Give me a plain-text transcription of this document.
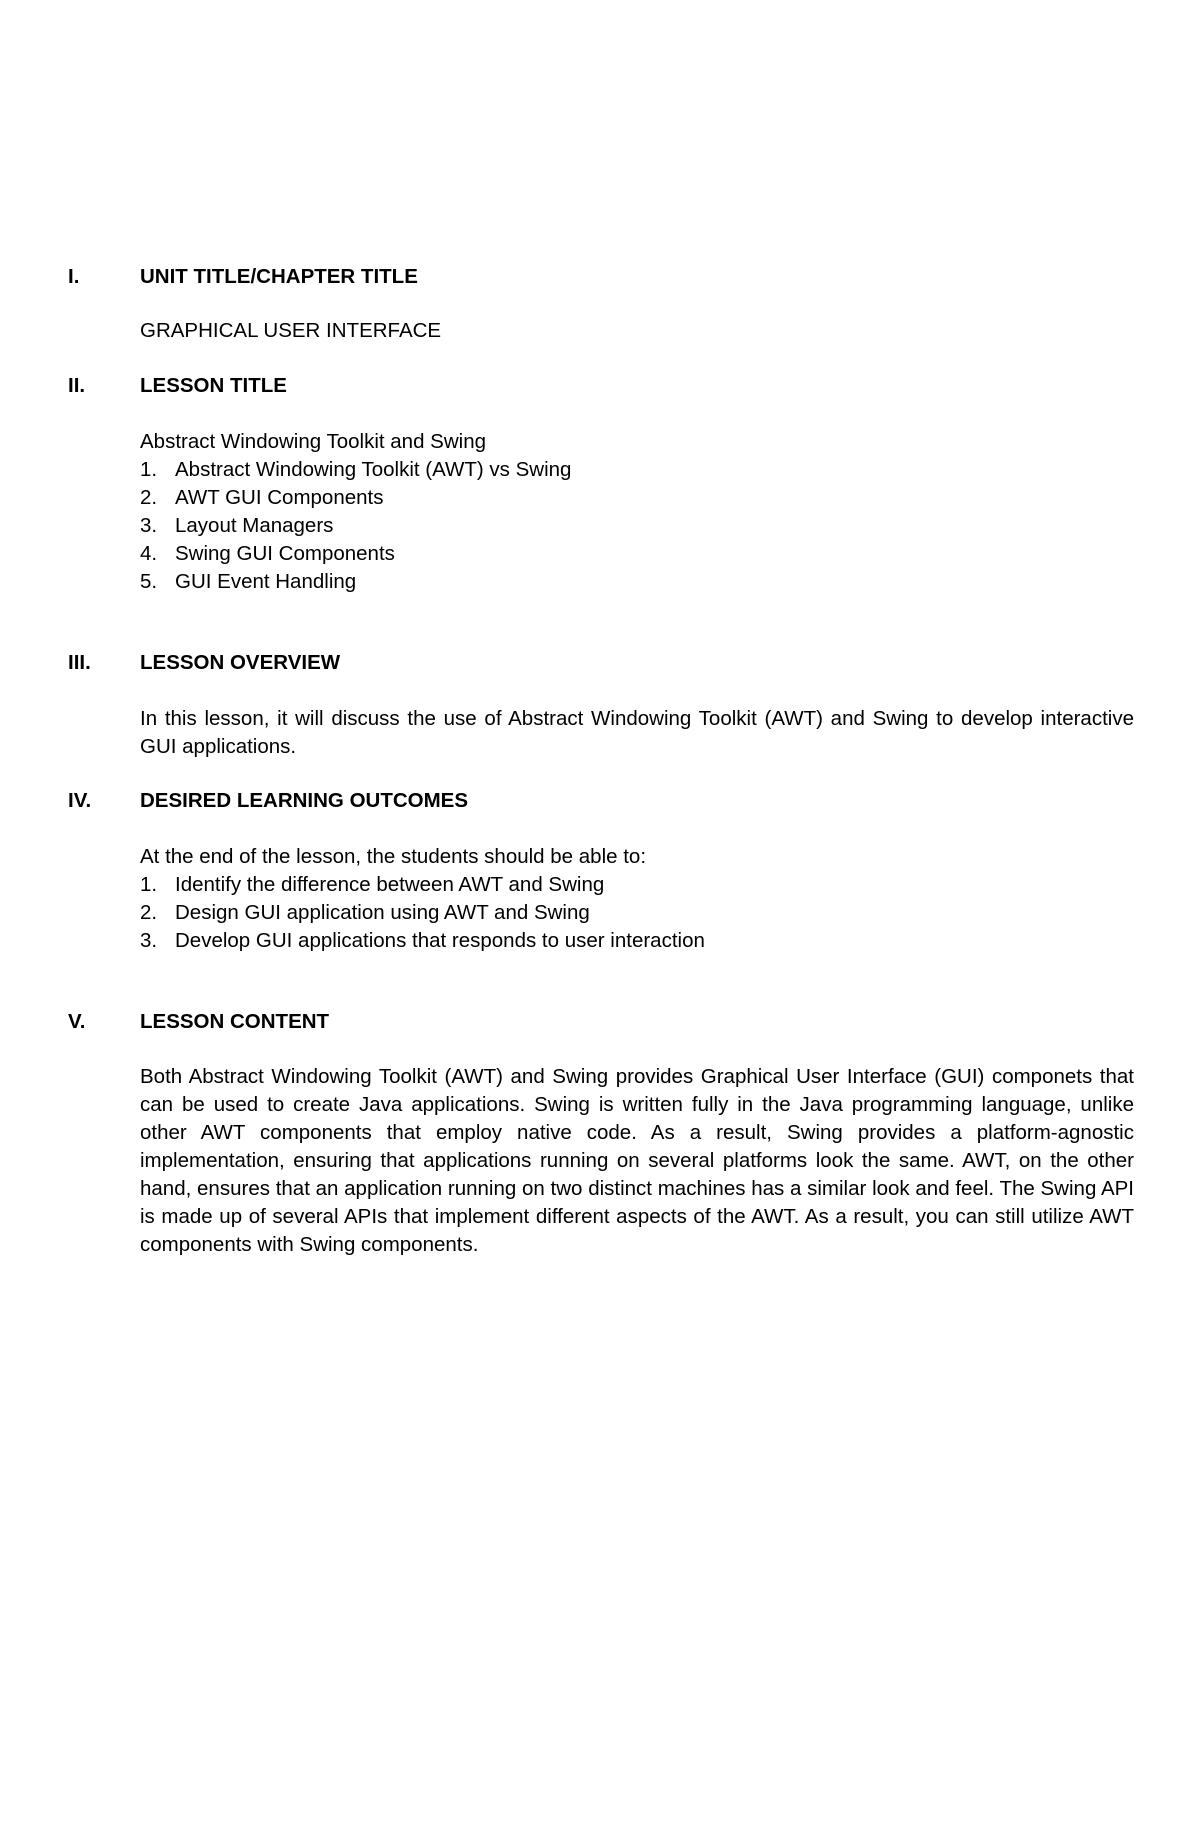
I.	UNIT TITLE/CHAPTER TITLE

GRAPHICAL USER INTERFACE

II.	LESSON TITLE

Abstract Windowing Toolkit and Swing

1. Abstract Windowing Toolkit (AWT) vs Swing
2. AWT GUI Components
3. Layout Managers
4. Swing GUI Components
5. GUI Event Handling
III. LESSON OVERVIEW

In this lesson, it will discuss the use of Abstract Windowing Toolkit (AWT) and Swing to develop interactive GUI applications.

IV. DESIRED LEARNING OUTCOMES

At the end of the lesson, the students should be able to:

1. Identify the difference between AWT and Swing
2. Design GUI application using AWT and Swing
3. Develop GUI applications that responds to user interaction
V.	LESSON CONTENT

Both Abstract Windowing Toolkit (AWT) and Swing provides Graphical User Interface (GUI) componets that can be used to create Java applications. Swing is written fully in the Java programming language, unlike other AWT components that employ native code. As a result, Swing provides a platform-agnostic implementation, ensuring that applications running on several platforms look the same. AWT, on the other hand, ensures that an application running on two distinct machines has a similar look and feel. The Swing API is made up of several APIs that implement different aspects of the AWT. As a result, you can still utilize AWT components with Swing components.
